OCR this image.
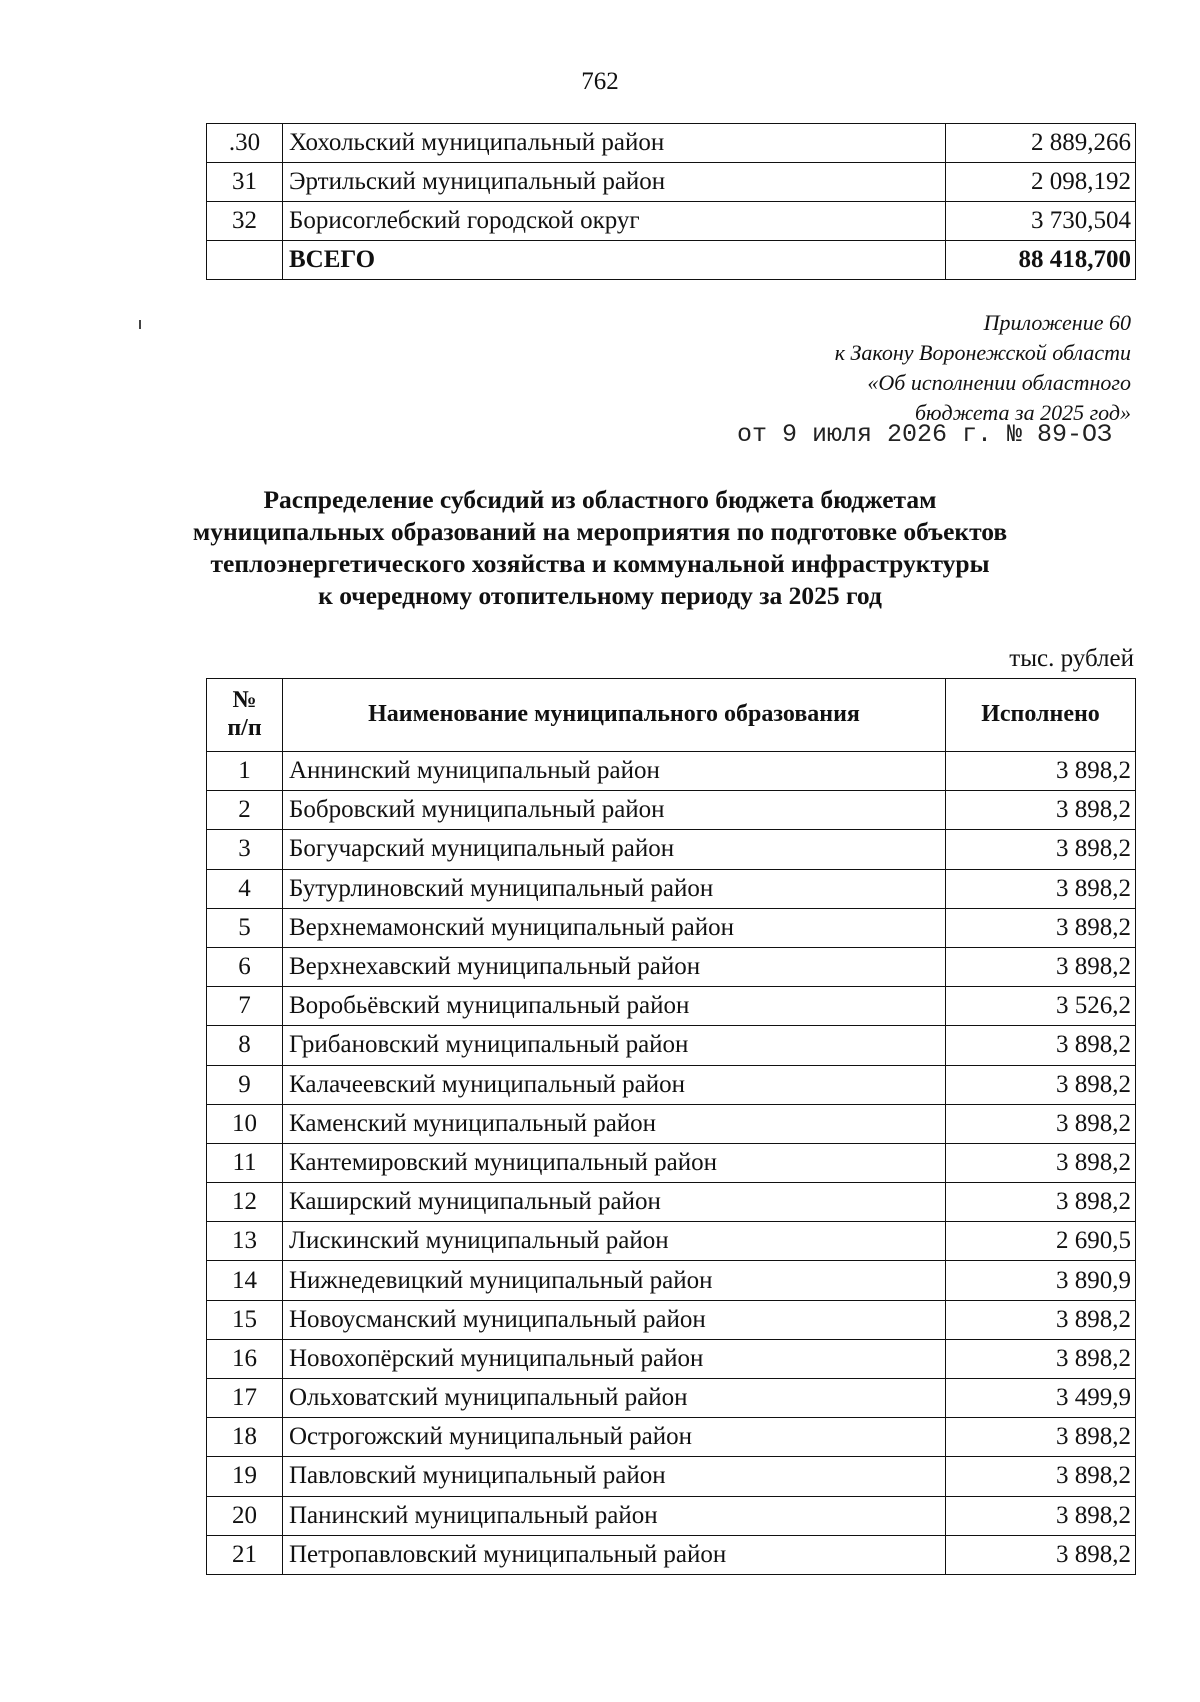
762
.30	Хохольский муниципальный район	2 889,266
31	Эртильский муниципальный район	2 098,192
32	Борисоглебский городской округ	3 730,504
	ВСЕГО	88 418,700
Приложение 60
к Закону Воронежской области
«Об исполнении областного
бюджета за 2025 год»
от 9 июля 2026 г. № 89-ОЗ
Распределение субсидий из областного бюджета бюджетам
муниципальных образований на мероприятия по подготовке объектов
теплоэнергетического хозяйства и коммунальной инфраструктуры
к очередному отопительному периоду за 2025 год
тыс. рублей
№
п/п	Наименование муниципального образования	Исполнено
1	Аннинский муниципальный район	3 898,2
2	Бобровский муниципальный район	3 898,2
3	Богучарский муниципальный район	3 898,2
4	Бутурлиновский муниципальный район	3 898,2
5	Верхнемамонский муниципальный район	3 898,2
6	Верхнехавский муниципальный район	3 898,2
7	Воробьёвский муниципальный район	3 526,2
8	Грибановский муниципальный район	3 898,2
9	Калачеевский муниципальный район	3 898,2
10	Каменский муниципальный район	3 898,2
11	Кантемировский муниципальный район	3 898,2
12	Каширский муниципальный район	3 898,2
13	Лискинский муниципальный район	2 690,5
14	Нижнедевицкий муниципальный район	3 890,9
15	Новоусманский муниципальный район	3 898,2
16	Новохопёрский муниципальный район	3 898,2
17	Ольховатский муниципальный район	3 499,9
18	Острогожский муниципальный район	3 898,2
19	Павловский муниципальный район	3 898,2
20	Панинский муниципальный район	3 898,2
21	Петропавловский муниципальный район	3 898,2
